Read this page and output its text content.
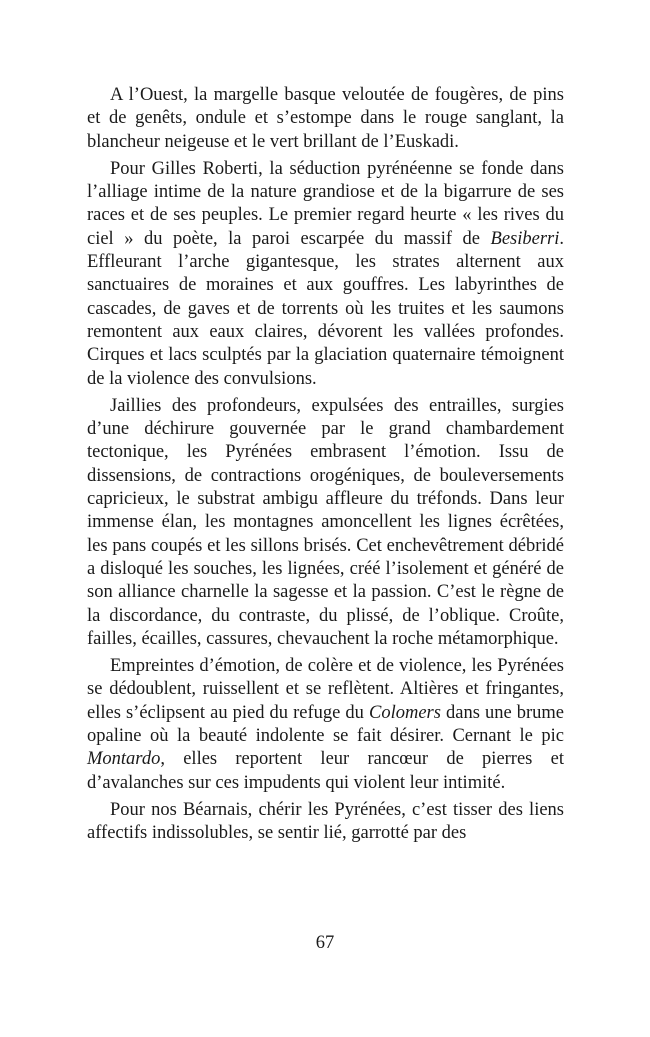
A l’Ouest, la margelle basque veloutée de fougères, de pins et de genêts, ondule et s’estompe dans le rouge sanglant, la blancheur neigeuse et le vert brillant de l’Euskadi.

Pour Gilles Roberti, la séduction pyrénéenne se fonde dans l’alliage intime de la nature grandiose et de la bigarrure de ses races et de ses peuples. Le premier regard heurte « les rives du ciel » du poète, la paroi escarpée du massif de Besiberri. Effleurant l’arche gigantesque, les strates alternent aux sanctuaires de moraines et aux gouffres. Les labyrinthes de cascades, de gaves et de torrents où les truites et les saumons remontent aux eaux claires, dévorent les vallées profondes. Cirques et lacs sculptés par la glaciation quaternaire témoignent de la violence des convulsions.

Jaillies des profondeurs, expulsées des entrailles, surgies d’une déchirure gouvernée par le grand chambardement tectonique, les Pyrénées embrasent l’émotion. Issu de dissensions, de contractions orogéniques, de bouleversements capricieux, le substrat ambigu affleure du tréfonds. Dans leur immense élan, les montagnes amoncellent les lignes écrêtées, les pans coupés et les sillons brisés. Cet enchevêtrement débridé a disloqué les souches, les lignées, créé l’isolement et généré de son alliance charnelle la sagesse et la passion. C’est le règne de la discordance, du contraste, du plissé, de l’oblique. Croûte, failles, écailles, cassures, chevauchent la roche métamorphique.

Empreintes d’émotion, de colère et de violence, les Pyrénées se dédoublent, ruissellent et se reflètent. Altières et fringantes, elles s’éclipsent au pied du refuge du Colomers dans une brume opaline où la beauté indolente se fait désirer. Cernant le pic Montardo, elles reportent leur rancœur de pierres et d’avalanches sur ces impudents qui violent leur intimité.

Pour nos Béarnais, chérir les Pyrénées, c’est tisser des liens affectifs indissolubles, se sentir lié, garrotté par des

67
